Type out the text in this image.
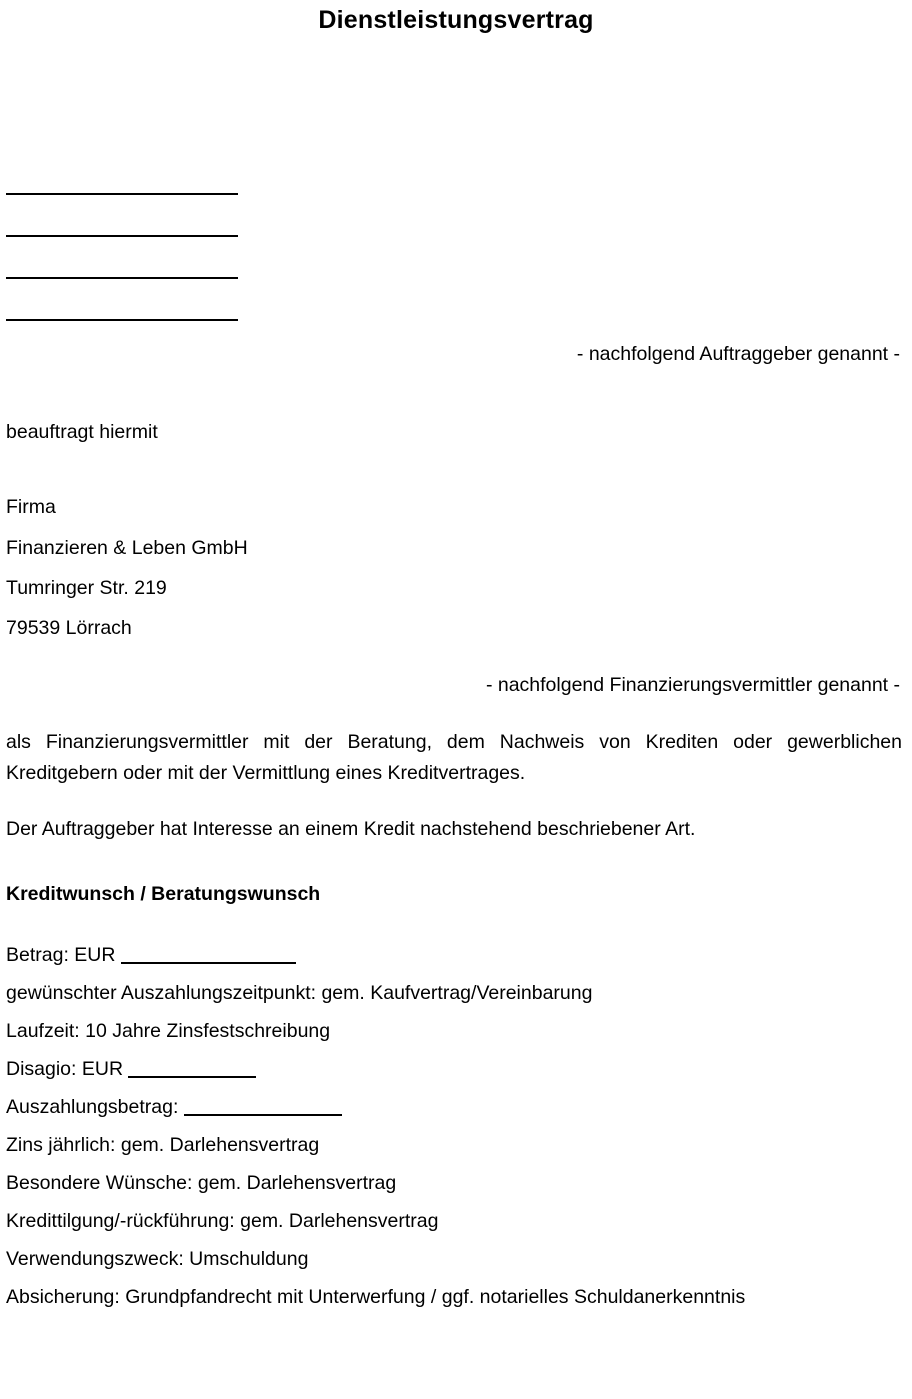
Dienstleistungsvertrag
- nachfolgend Auftraggeber genannt -
beauftragt hiermit
Firma
Finanzieren & Leben GmbH
Tumringer Str. 219
79539 Lörrach
- nachfolgend Finanzierungsvermittler genannt -
als Finanzierungsvermittler mit der Beratung, dem Nachweis von Krediten oder gewerblichen Kreditgebern oder mit der Vermittlung eines Kreditvertrages.
Der Auftraggeber hat Interesse an einem Kredit nachstehend beschriebener Art.
Kreditwunsch / Beratungswunsch
Betrag: EUR
gewünschter Auszahlungszeitpunkt: gem. Kaufvertrag/Vereinbarung
Laufzeit: 10 Jahre Zinsfestschreibung
Disagio: EUR
Auszahlungsbetrag:
Zins jährlich: gem. Darlehensvertrag
Besondere Wünsche: gem. Darlehensvertrag
Kredittilgung/-rückführung: gem. Darlehensvertrag
Verwendungszweck: Umschuldung
Absicherung: Grundpfandrecht mit Unterwerfung / ggf. notarielles Schuldanerkenntnis
